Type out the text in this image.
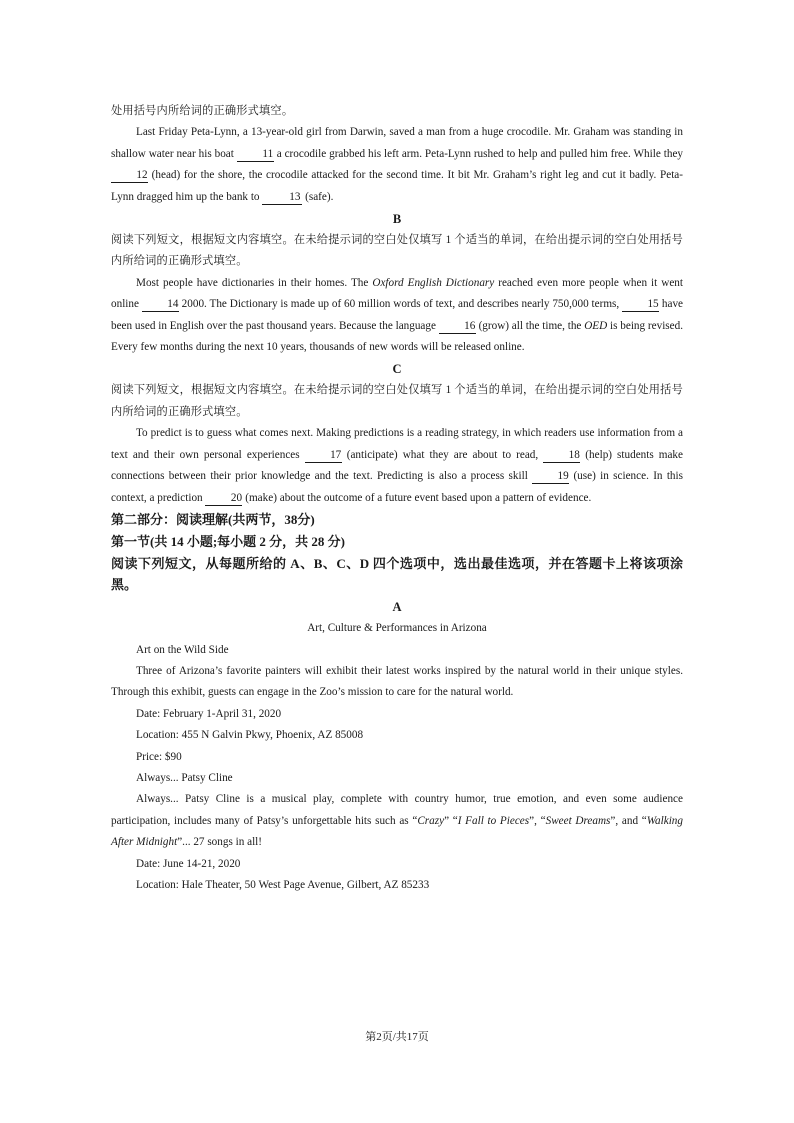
处用括号内所给词的正确形式填空。

Last Friday Peta-Lynn, a 13-year-old girl from Darwin, saved a man from a huge crocodile. Mr. Graham was standing in shallow water near his boat 11 a crocodile grabbed his left arm. Peta-Lynn rushed to help and pulled him free. While they 12 (head) for the shore, the crocodile attacked for the second time. It bit Mr. Graham’s right leg and cut it badly. Peta-Lynn dragged him up the bank to 13 (safe).

B

阅读下列短文，根据短文内容填空。在未给提示词的空白处仅填写 1 个适当的单词，在给出提示词的空白处用括号内所给词的正确形式填空。

Most people have dictionaries in their homes. The Oxford English Dictionary reached even more people when it went online 14 2000. The Dictionary is made up of 60 million words of text, and describes nearly 750,000 terms, 15 have been used in English over the past thousand years. Because the language 16 (grow) all the time, the OED is being revised. Every few months during the next 10 years, thousands of new words will be released online.

C

阅读下列短文，根据短文内容填空。在未给提示词的空白处仅填写 1 个适当的单词，在给出提示词的空白处用括号内所给词的正确形式填空。

To predict is to guess what comes next. Making predictions is a reading strategy, in which readers use information from a text and their own personal experiences 17 (anticipate) what they are about to read, 18 (help) students make connections between their prior knowledge and the text. Predicting is also a process skill 19 (use) in science. In this context, a prediction 20 (make) about the outcome of a future event based upon a pattern of evidence.

第二部分：阅读理解(共两节，38分)

第一节(共 14 小题;每小题 2 分，共 28 分)

阅读下列短文，从每题所给的 A、B、C、D 四个选项中，选出最佳选项，并在答题卡上将该项涂黑。

A

Art, Culture & Performances in Arizona

Art on the Wild Side

Three of Arizona’s favorite painters will exhibit their latest works inspired by the natural world in their unique styles. Through this exhibit, guests can engage in the Zoo’s mission to care for the natural world.

Date: February 1-April 31, 2020

Location: 455 N Galvin Pkwy, Phoenix, AZ 85008

Price: $90

Always... Patsy Cline

Always... Patsy Cline is a musical play, complete with country humor, true emotion, and even some audience participation, includes many of Patsy’s unforgettable hits such as “Crazy” “I Fall to Pieces”, “Sweet Dreams”, and “Walking After Midnight”... 27 songs in all!

Date: June 14-21, 2020

Location: Hale Theater, 50 West Page Avenue, Gilbert, AZ 85233

第2页/共17页
